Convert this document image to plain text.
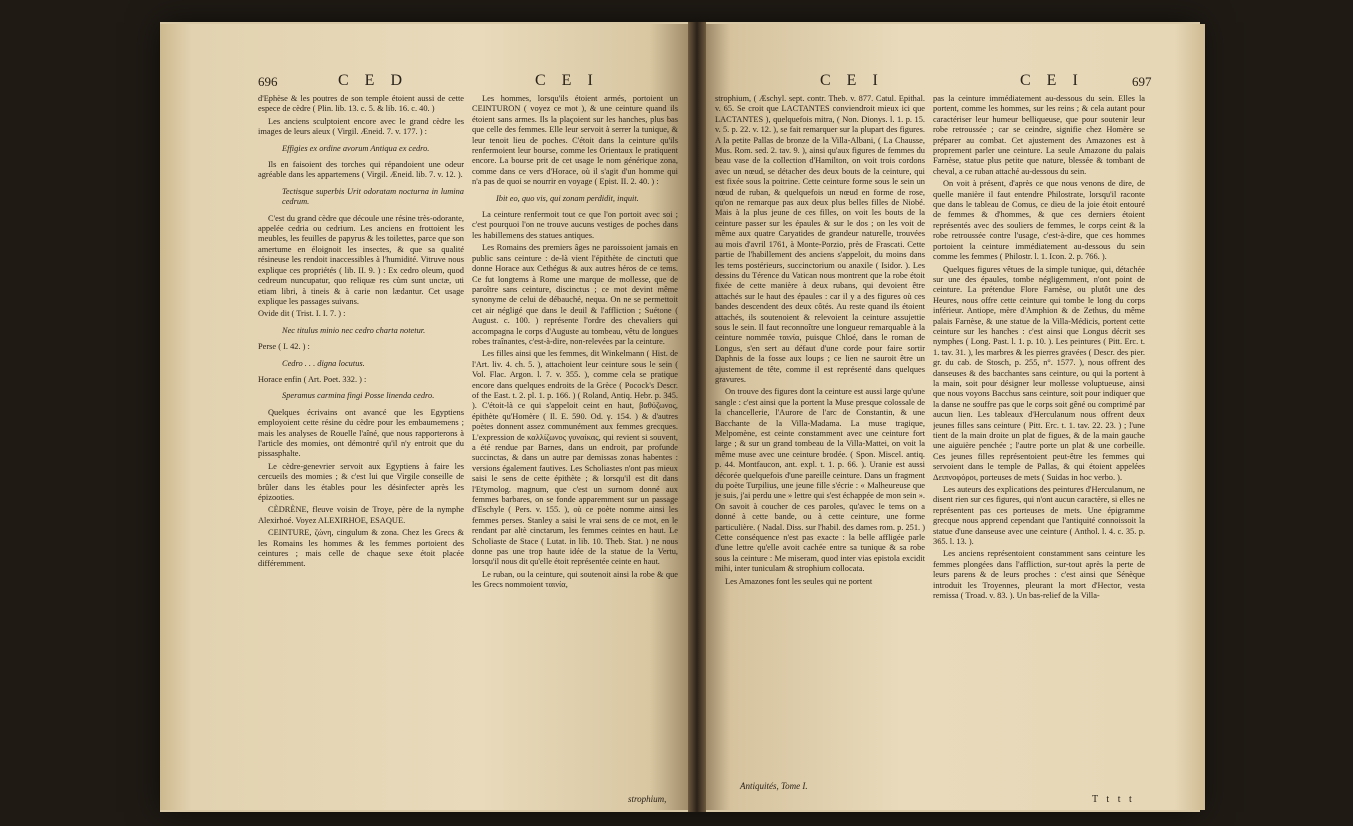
696	C E D	C E I

d'Ephèse & les poutres de son temple étoient aussi de cette espece de cèdre ( Plin. lib. 13. c. 5. & lib. 16. c. 40. )

Les anciens sculptoient encore avec le grand cèdre les images de leurs aïeux ( Virgil. Æneid. 7. v. 177. ) :

Effigies ex ordine avorum Antiqua ex cedro.

Ils en faisoient des torches qui répandoient une odeur agréable dans les appartemens ( Virgil. Æneid. lib. 7. v. 12. ).

Tectisque superbis Urit odoratam nocturna in lumina cedrum.

C'est du grand cèdre que découle une résine très-odorante, appelée cedria ou cedrium. Les anciens en frottoient les meubles, les feuilles de papyrus & les toilettes, parce que son amertume en éloignoit les insectes, & que sa qualité résineuse les rendoit inaccessibles à l'humidité. Vitruve nous explique ces propriétés ( lib. II. 9. ) : Ex cedro oleum, quod cedreum nuncupatur, quo reliquæ res cùm sunt unctæ, uti etiam libri, à tineis & à carie non lædantur. Cet usage explique les passages suivans.

Ovide dit ( Trist. I. I. 7. ) :

Nec titulus minio nec cedro charta notetur.

Perse ( I. 42. ) :

Cedro . . . digna locutus.

Horace enfin ( Art. Poet. 332. ) :

Speramus carmina fingi Posse linenda cedro.

Quelques écrivains ont avancé que les Egyptiens employoient cette résine du cèdre pour les embaumemens ; mais les analyses de Rouelle l'aîné, que nous rapporterons à l'article des momies, ont démontré qu'il n'y entroit que du pissasphalte.

Le cèdre-genevrier servoit aux Egyptiens à faire les cercueils des momies ; & c'est lui que Virgile conseille de brûler dans les étables pour les désinfecter après les épizooties.

CÈDRÈNE, fleuve voisin de Troye, père de la nymphe Alexirhoé. Voyez ALEXIRHOE, ESAQUE.

CEINTURE, ζώνη, cingulum & zona. Chez les Grecs & les Romains les hommes & les femmes portoient des ceintures ; mais celle de chaque sexe étoit placée différemment.

Les hommes, lorsqu'ils étoient armés, portoient un CEINTURON ( voyez ce mot ), & une ceinture quand ils étoient sans armes. Ils la plaçoient sur les hanches, plus bas que celle des femmes. Elle leur servoit à serrer la tunique, & leur tenoit lieu de poches. C'étoit dans la ceinture qu'ils renfermoient leur bourse, comme les Orientaux le pratiquent encore. La bourse prit de cet usage le nom générique zona, comme dans ce vers d'Horace, où il s'agit d'un homme qui n'a pas de quoi se nourrir en voyage ( Epist. II. 2. 40. ) :

Ibit eo, quo vis, qui zonam perdidit, inquit.

La ceinture renfermoit tout ce que l'on portoit avec soi ; c'est pourquoi l'on ne trouve aucuns vestiges de poches dans les habillemens des statues antiques.

Les Romains des premiers âges ne paroissoient jamais en public sans ceinture : de-là vient l'épithète de cinctuti que donne Horace aux Cethégus & aux autres héros de ce tems. Ce fut longtems à Rome une marque de mollesse, que de paroître sans ceinture, discinctus ; ce mot devint même synonyme de celui de débauché, nequa. On ne se permettoit cet air négligé que dans le deuil & l'affliction ; Suétone ( August. c. 100. ) représente l'ordre des chevaliers qui accompagna le corps d'Auguste au tombeau, vêtu de longues robes traînantes, c'est-à-dire, non-relevées par la ceinture.

Les filles ainsi que les femmes, dit Winkelmann ( Hist. de l'Art. liv. 4. ch. 5. ), attachoient leur ceinture sous le sein ( Vol. Flac. Argon. l. 7. v. 355. ), comme cela se pratique encore dans quelques endroits de la Grèce ( Pocock's Descr. of the East. t. 2. pl. 1. p. 166. ) ( Roland, Antiq. Hebr. p. 345. ). C'étoit-là ce qui s'appeloit ceint en haut, βαθύζωνος, épithète qu'Homère ( Il. E. 590. Od. γ. 154. ) & d'autres poètes donnent assez communément aux femmes grecques. L'expression de καλλίζωνος γυναίκας, qui revient si souvent, a été rendue par Barnes, dans un endroit, par profunde succinctas, & dans un autre par demissas zonas habentes : versions également fautives. Les Scholiastes n'ont pas mieux saisi le sens de cette épithète ; & lorsqu'il est dit dans l'Etymolog. magnum, que c'est un surnom donné aux femmes barbares, on se fonde apparemment sur un passage d'Eschyle ( Pers. v. 155. ), où ce poète nomme ainsi les femmes perses. Stanley a saisi le vrai sens de ce mot, en le rendant par altè cinctarum, les femmes ceintes en haut. Le Scholiaste de Stace ( Lutat. in lib. 10. Theb. Stat. ) ne nous donne pas une trop haute idée de la statue de la Vertu, lorsqu'il nous dit qu'elle étoit représentée ceinte en haut.

Le ruban, ou la ceinture, qui soutenoit ainsi la robe & que les Grecs nommoient ταινία,

strophium,
C E I	C E I	697

strophium, ( Æschyl. sept. contr. Theb. v. 877. Catul. Epithal. v. 65. Se croit que LACTANTES conviendroit mieux ici que LACTANTES ), quelquefois mitra, ( Non. Dionys. l. 1. p. 15. v. 5. p. 22. v. 12. ), se fait remarquer sur la plupart des figures. A la petite Pallas de bronze de la Villa-Albani, ( La Chausse, Mus. Rom. sed. 2. tav. 9. ), ainsi qu'aux figures de femmes du beau vase de la collection d'Hamilton, on voit trois cordons avec un nœud, se détacher des deux bouts de la ceinture, qui est fixée sous la poitrine. Cette ceinture forme sous le sein un nœud de ruban, & quelquefois un nœud en forme de rose, qu'on ne remarque pas aux deux plus belles filles de Niobé. Mais à la plus jeune de ces filles, on voit les bouts de la ceinture passer sur les épaules & sur le dos ; on les voit de même aux quatre Caryatides de grandeur naturelle, trouvées au mois d'avril 1761, à Monte-Porzio, près de Frascati. Cette partie de l'habillement des anciens s'appeloit, du moins dans les tems postérieurs, succinctorium ou anaxile ( Isidor. ). Les dessins du Térence du Vatican nous montrent que la robe étoit fixée de cette manière à deux rubans, qui devoient être attachés sur le haut des épaules : car il y a des figures où ces bandes descendent des deux côtés. Au reste quand ils étoient attachés, ils soutenoient & relevoient la ceinture assujettie sous le sein. Il faut reconnoître une longueur remarquable à la ceinture nommée ταινία, puisque Chloé, dans le roman de Longus, s'en sert au défaut d'une corde pour faire sortir Daphnis de la fosse aux loups ; ce lien ne sauroit être un ajustement de tête, comme il est représenté dans quelques gravures.

On trouve des figures dont la ceinture est aussi large qu'une sangle : c'est ainsi que la portent la Muse presque colossale de la chancellerie, l'Aurore de l'arc de Constantin, & une Bacchante de la Villa-Madama. La muse tragique, Melpomène, est ceinte constamment avec une ceinture fort large ; & sur un grand tombeau de la Villa-Mattei, on voit la même muse avec une ceinture brodée. ( Spon. Miscel. antiq. p. 44. Montfaucon, ant. expl. t. 1. p. 66. ). Uranie est aussi décorée quelquefois d'une pareille ceinture. Dans un fragment du poète Turpilius, une jeune fille s'écrie : « Malheureuse que je suis, j'ai perdu une » lettre qui s'est échappée de mon sein ». On savoit à coucher de ces paroles, qu'avec le tems on a donné à cette bande, ou à cette ceinture, une forme particulière. ( Nadal. Diss. sur l'habil. des dames rom. p. 251. ) Cette conséquence n'est pas exacte : la belle affligée parle d'une lettre qu'elle avoit cachée entre sa tunique & sa robe sous la ceinture : Me miseram, quod inter vias epistola excidit mihi, inter tuniculam & strophium collocata.

Les Amazones font les seules qui ne portent

Antiquités, Tome I.

pas la ceinture immédiatement au-dessous du sein. Elles la portent, comme les hommes, sur les reins ; & cela autant pour caractériser leur humeur belliqueuse, que pour soutenir leur robe retroussée ; car se ceindre, signifie chez Homère se préparer au combat. Cet ajustement des Amazones est à proprement parler une ceinture. La seule Amazone du palais Farnèse, statue plus petite que nature, blessée & tombant de cheval, a ce ruban attaché au-dessous du sein.

On voit à présent, d'après ce que nous venons de dire, de quelle manière il faut entendre Philostrate, lorsqu'il raconte que dans le tableau de Comus, ce dieu de la joie étoit entouré de femmes & d'hommes, & que ces derniers étoient représentés avec des souliers de femmes, le corps ceint & la robe retroussée contre l'usage, c'est-à-dire, que ces hommes portoient la ceinture immédiatement au-dessous du sein comme les femmes ( Philostr. l. 1. Icon. 2. p. 766. ).

Quelques figures vêtues de la simple tunique, qui, détachée sur une des épaules, tombe négligemment, n'ont point de ceinture. La prétendue Flore Farnèse, ou plutôt une des Heures, nous offre cette ceinture qui tombe le long du corps inférieur. Antiope, mère d'Amphion & de Zethus, du même palais Farnèse, & une statue de la Villa-Médicis, portent cette ceinture sur les hanches : c'est ainsi que Longus décrit ses nymphes ( Long. Past. l. 1. p. 10. ). Les peintures ( Pitt. Erc. t. 1. tav. 31. ), les marbres & les pierres gravées ( Descr. des pier. gr. du cab. de Stosch, p. 255, n°. 1577. ), nous offrent des danseuses & des bacchantes sans ceinture, ou qui la portent à la main, soit pour désigner leur mollesse voluptueuse, ainsi que nous voyons Bacchus sans ceinture, soit pour indiquer que la danse ne souffre pas que le corps soit gêné ou comprimé par aucun lien. Les tableaux d'Herculanum nous offrent deux jeunes filles sans ceinture ( Pitt. Erc. t. 1. tav. 22. 23. ) ; l'une tient de la main droite un plat de figues, & de la main gauche une aiguière penchée ; l'autre porte un plat & une corbeille. Ces jeunes filles représentoient peut-être les femmes qui servoient dans le temple de Pallas, & qui étoient appelées Δειπνοφόροι, porteuses de mets ( Suidas in hoc verbo. ).

Les auteurs des explications des peintures d'Herculanum, ne disent rien sur ces figures, qui n'ont aucun caractère, si elles ne représentent pas ces porteuses de mets. Une épigramme grecque nous apprend cependant que l'antiquité connoissoit la statue d'une danseuse avec une ceinture ( Anthol. l. 4. c. 35. p. 365. l. 13. ).

Les anciens représentoient constamment sans ceinture les femmes plongées dans l'affliction, sur-tout après la perte de leurs parens & de leurs proches : c'est ainsi que Sénèque introduit les Troyennes, pleurant la mort d'Hector, vesta remissa ( Troad. v. 83. ). Un bas-relief de la Villa-

T t t t
